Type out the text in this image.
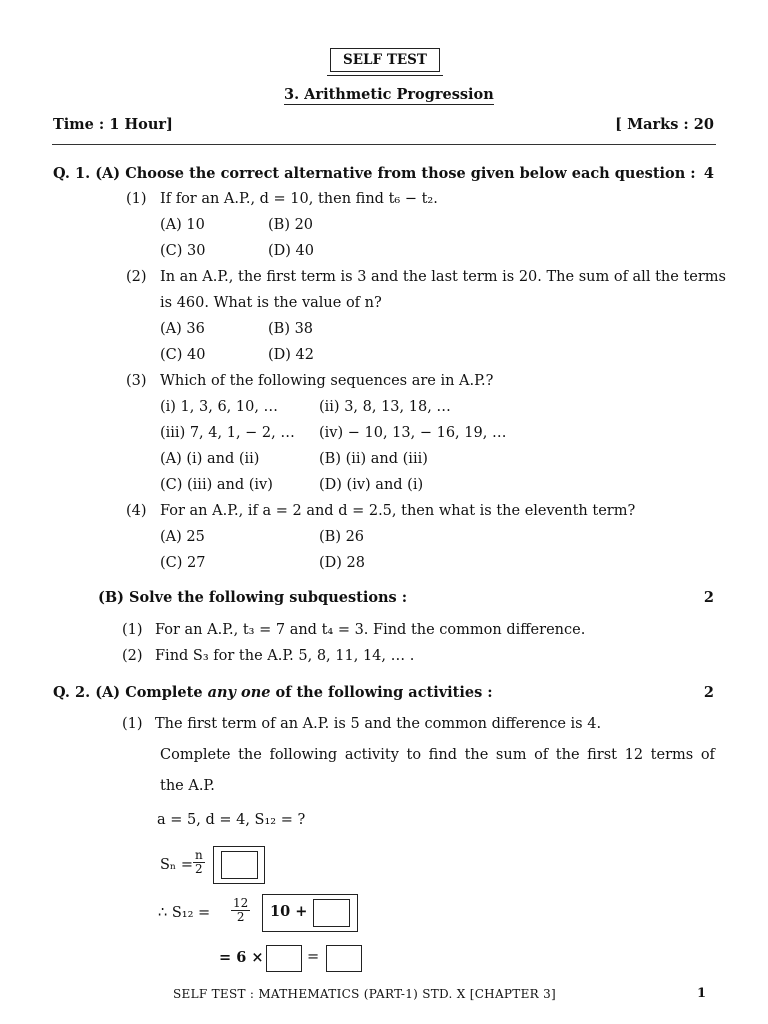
SELF TEST
3. Arithmetic Progression
Time : 1 Hour]	[ Marks : 20
Q. 1. (A) Choose the correct alternative from those given below each question : 4
(1) If for an A.P., d = 10, then find t₆ − t₂.
(A) 10	(B) 20
(C) 30	(D) 40
(2) In an A.P., the first term is 3 and the last term is 20. The sum of all the terms
is 460. What is the value of n?
(A) 36	(B) 38
(C) 40	(D) 42
(3) Which of the following sequences are in A.P.?
(i) 1, 3, 6, 10, …	(ii) 3, 8, 13, 18, …
(iii) 7, 4, 1, − 2, … (iv) − 10, 13, − 16, 19, …
(A) (i) and (ii)	(B) (ii) and (iii)
(C) (iii) and (iv)	(D) (iv) and (i)
(4) For an A.P., if a = 2 and d = 2.5, then what is the eleventh term?
(A) 25	(B) 26
(C) 27	(D) 28
(B) Solve the following subquestions :	2
(1) For an A.P., t₃ = 7 and t₄ = 3. Find the common difference.
(2) Find S₃ for the A.P. 5, 8, 11, 14, … .
Q. 2. (A) Complete any one of the following activities :	2
(1) The first term of an A.P. is 5 and the common difference is 4.
Complete the following activity to find the sum of the first 12 terms of
the A.P.
a = 5, d = 4, S₁₂ = ?
$S_n = \frac{n}{2}$
∴ $S_{12} = \frac{12}{2} 10$ +
= 6 ×	=
SELF TEST : MATHEMATICS (PART-1) STD. X [CHAPTER 3]	1
